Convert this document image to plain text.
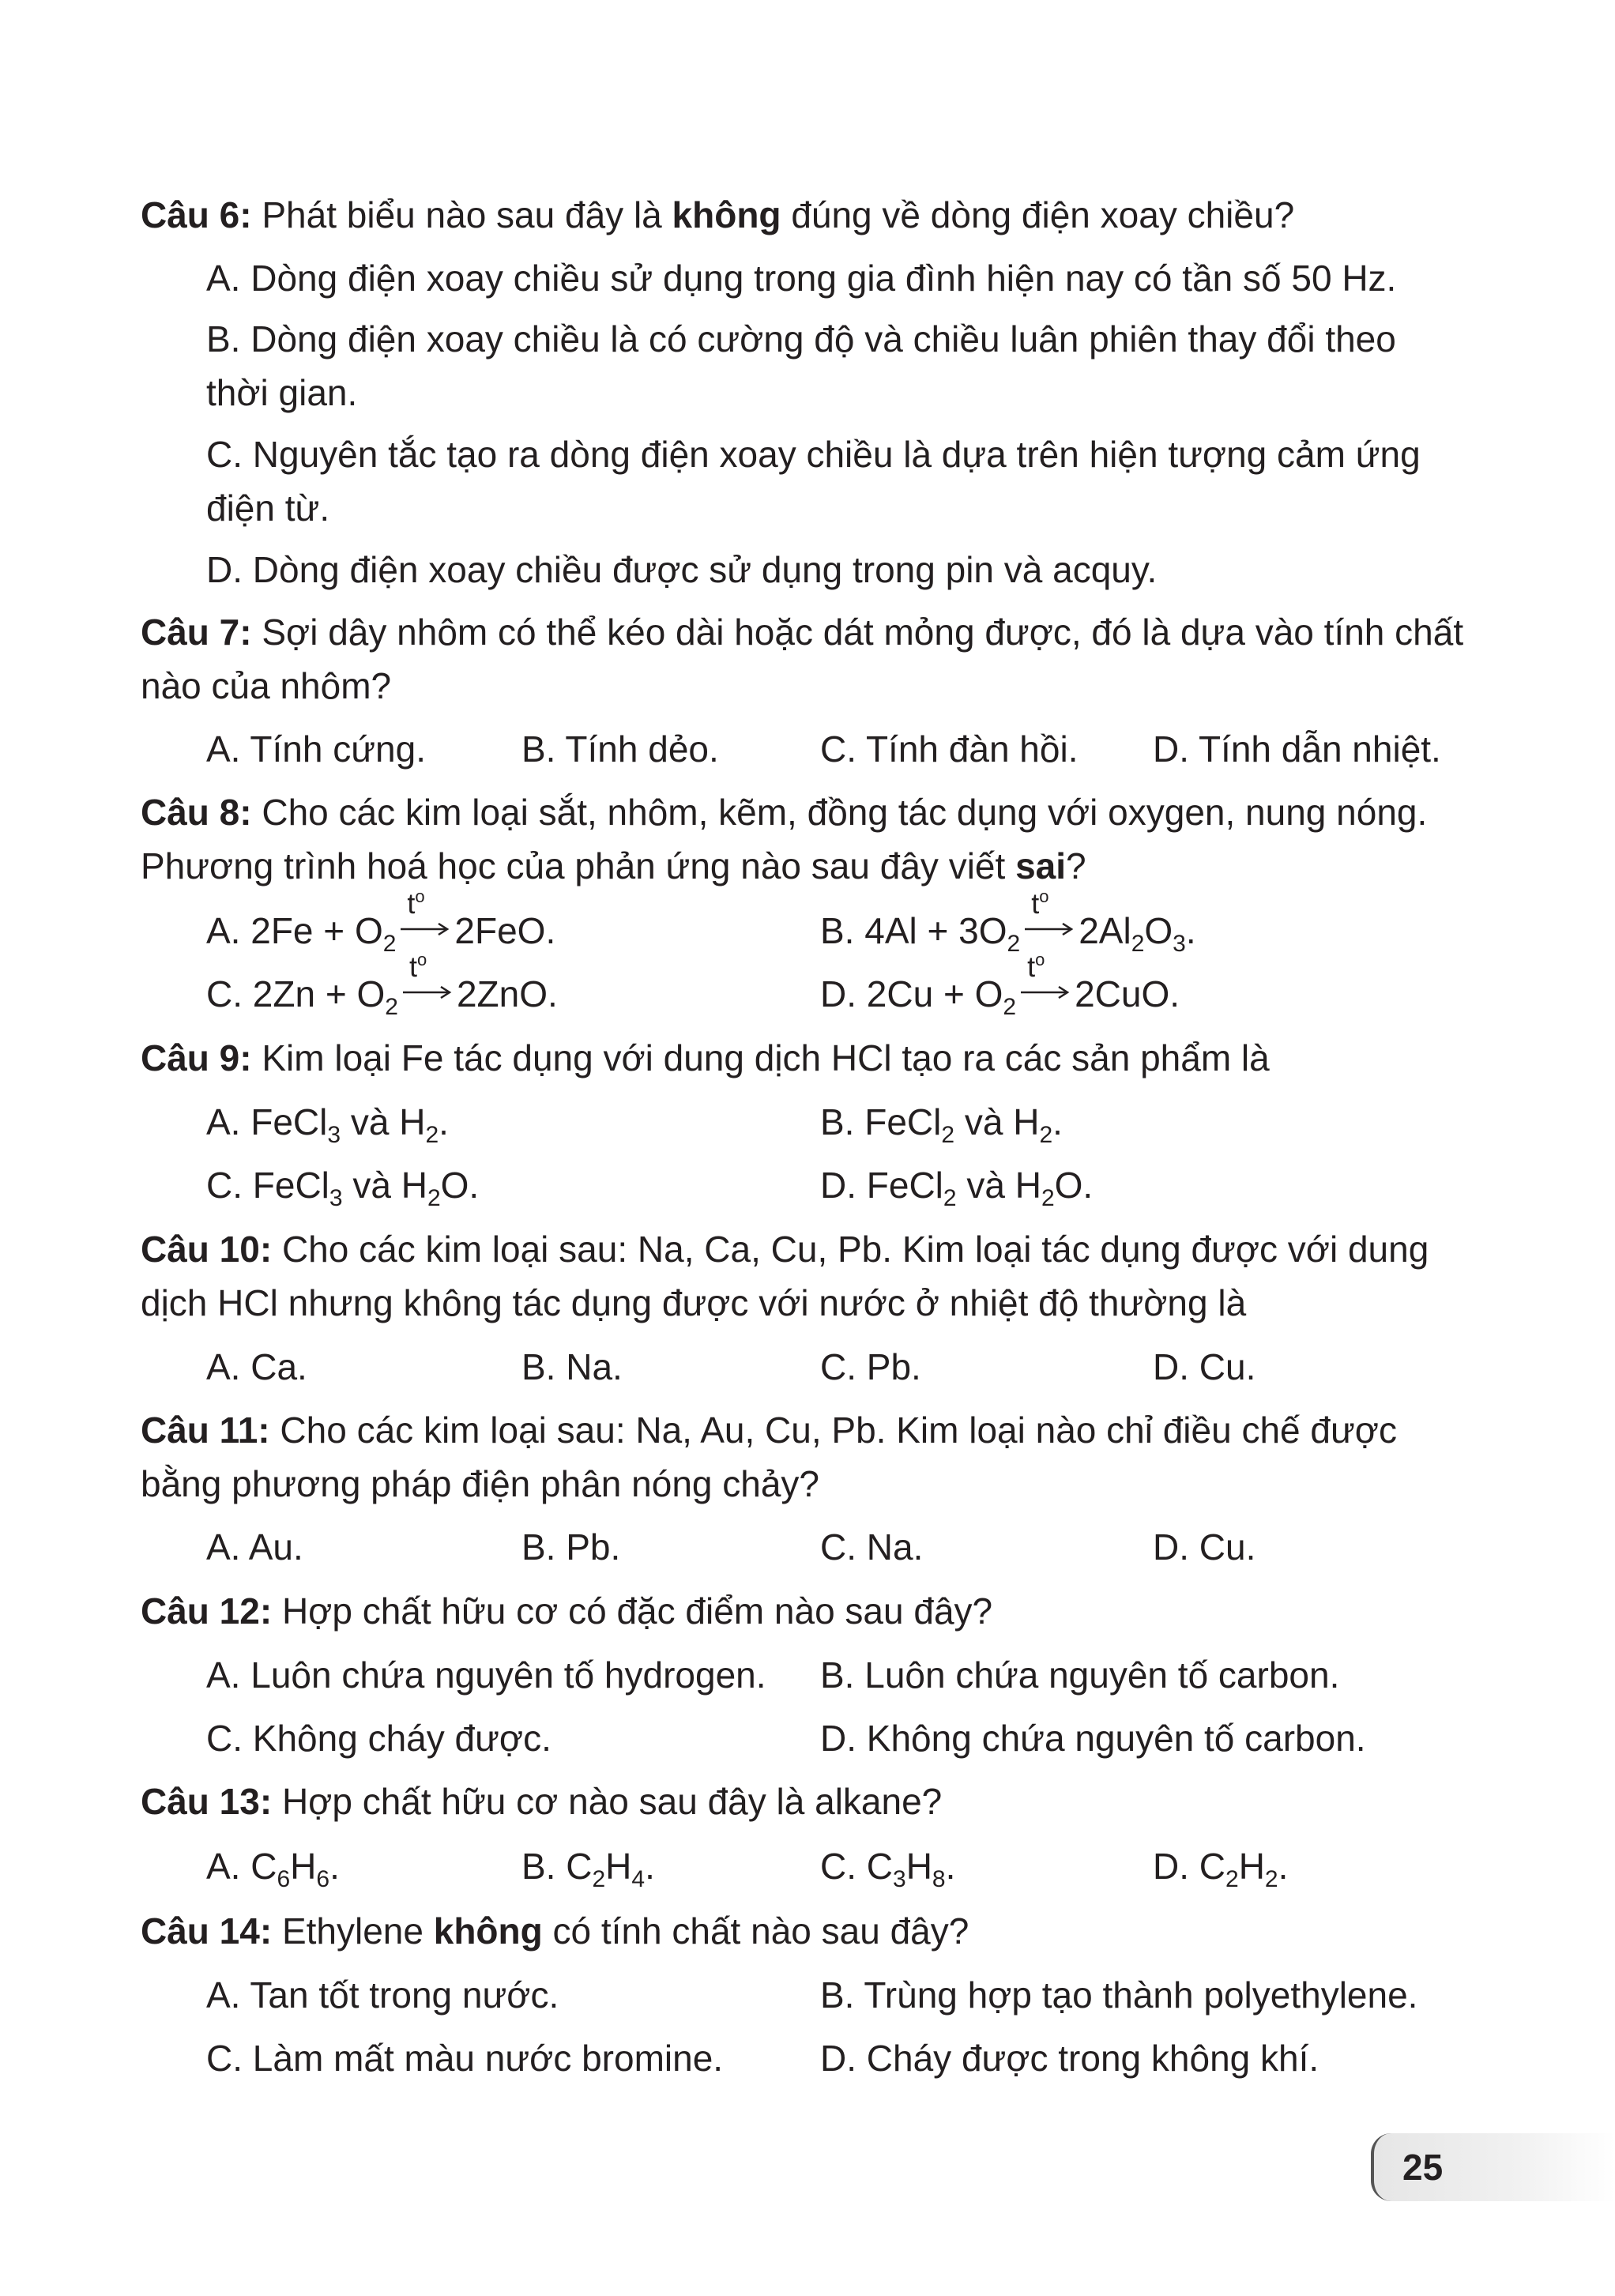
Câu 6: Phát biểu nào sau đây là không đúng về dòng điện xoay chiều?
A. Dòng điện xoay chiều sử dụng trong gia đình hiện nay có tần số 50 Hz.
B. Dòng điện xoay chiều là có cường độ và chiều luân phiên thay đổi theo thời gian.
C. Nguyên tắc tạo ra dòng điện xoay chiều là dựa trên hiện tượng cảm ứng điện từ.
D. Dòng điện xoay chiều được sử dụng trong pin và acquy.
Câu 7: Sợi dây nhôm có thể kéo dài hoặc dát mỏng được, đó là dựa vào tính chất nào của nhôm?
A. Tính cứng.	B. Tính dẻo.	C. Tính đàn hồi. D. Tính dẫn nhiệt.
Câu 8: Cho các kim loại sắt, nhôm, kẽm, đồng tác dụng với oxygen, nung nóng. Phương trình hoá học của phản ứng nào sau đây viết sai?
A. $2Fe + O_2$
$t^o$
2FeO.	B. $4Al + 3O_2$
$t^o$
$2Al_2O_3$.
C. $2Zn + O_2$
$t^o$
2ZnO.	D. $2Cu + O_2$
$t^o$
2CuO.
Câu 9: Kim loại Fe tác dụng với dung dịch HCl tạo ra các sản phẩm là
A. FeCl$_3$ và $H_2$.	B. FeCl$_2$ và $H_2$.
C. FeCl$_3$ và $H_2O$.	D. FeCl$_2$ và $H_2O$.
Câu 10: Cho các kim loại sau: Na, Ca, Cu, Pb. Kim loại tác dụng được với dung dịch HCl nhưng không tác dụng được với nước ở nhiệt độ thường là
A. Ca.	B. Na.	C. Pb.	D. Cu.
Câu 11: Cho các kim loại sau: Na, Au, Cu, Pb. Kim loại nào chỉ điều chế được bằng phương pháp điện phân nóng chảy?
A. Au.	B. Pb.	C. Na.	D. Cu.
Câu 12: Hợp chất hữu cơ có đặc điểm nào sau đây?
A. Luôn chứa nguyên tố hydrogen. B. Luôn chứa nguyên tố carbon.
C. Không cháy được.	D. Không chứa nguyên tố carbon.
Câu 13: Hợp chất hữu cơ nào sau đây là alkane?
A. $C_6H_6$.	B. $C_2H_4$.	C. $C_3H_8$.	D. $C_2H_2$.
Câu 14: Ethylene không có tính chất nào sau đây?
A. Tan tốt trong nước.	B. Trùng hợp tạo thành polyethylene.
C. Làm mất màu nước bromine.	D. Cháy được trong không khí.
25
